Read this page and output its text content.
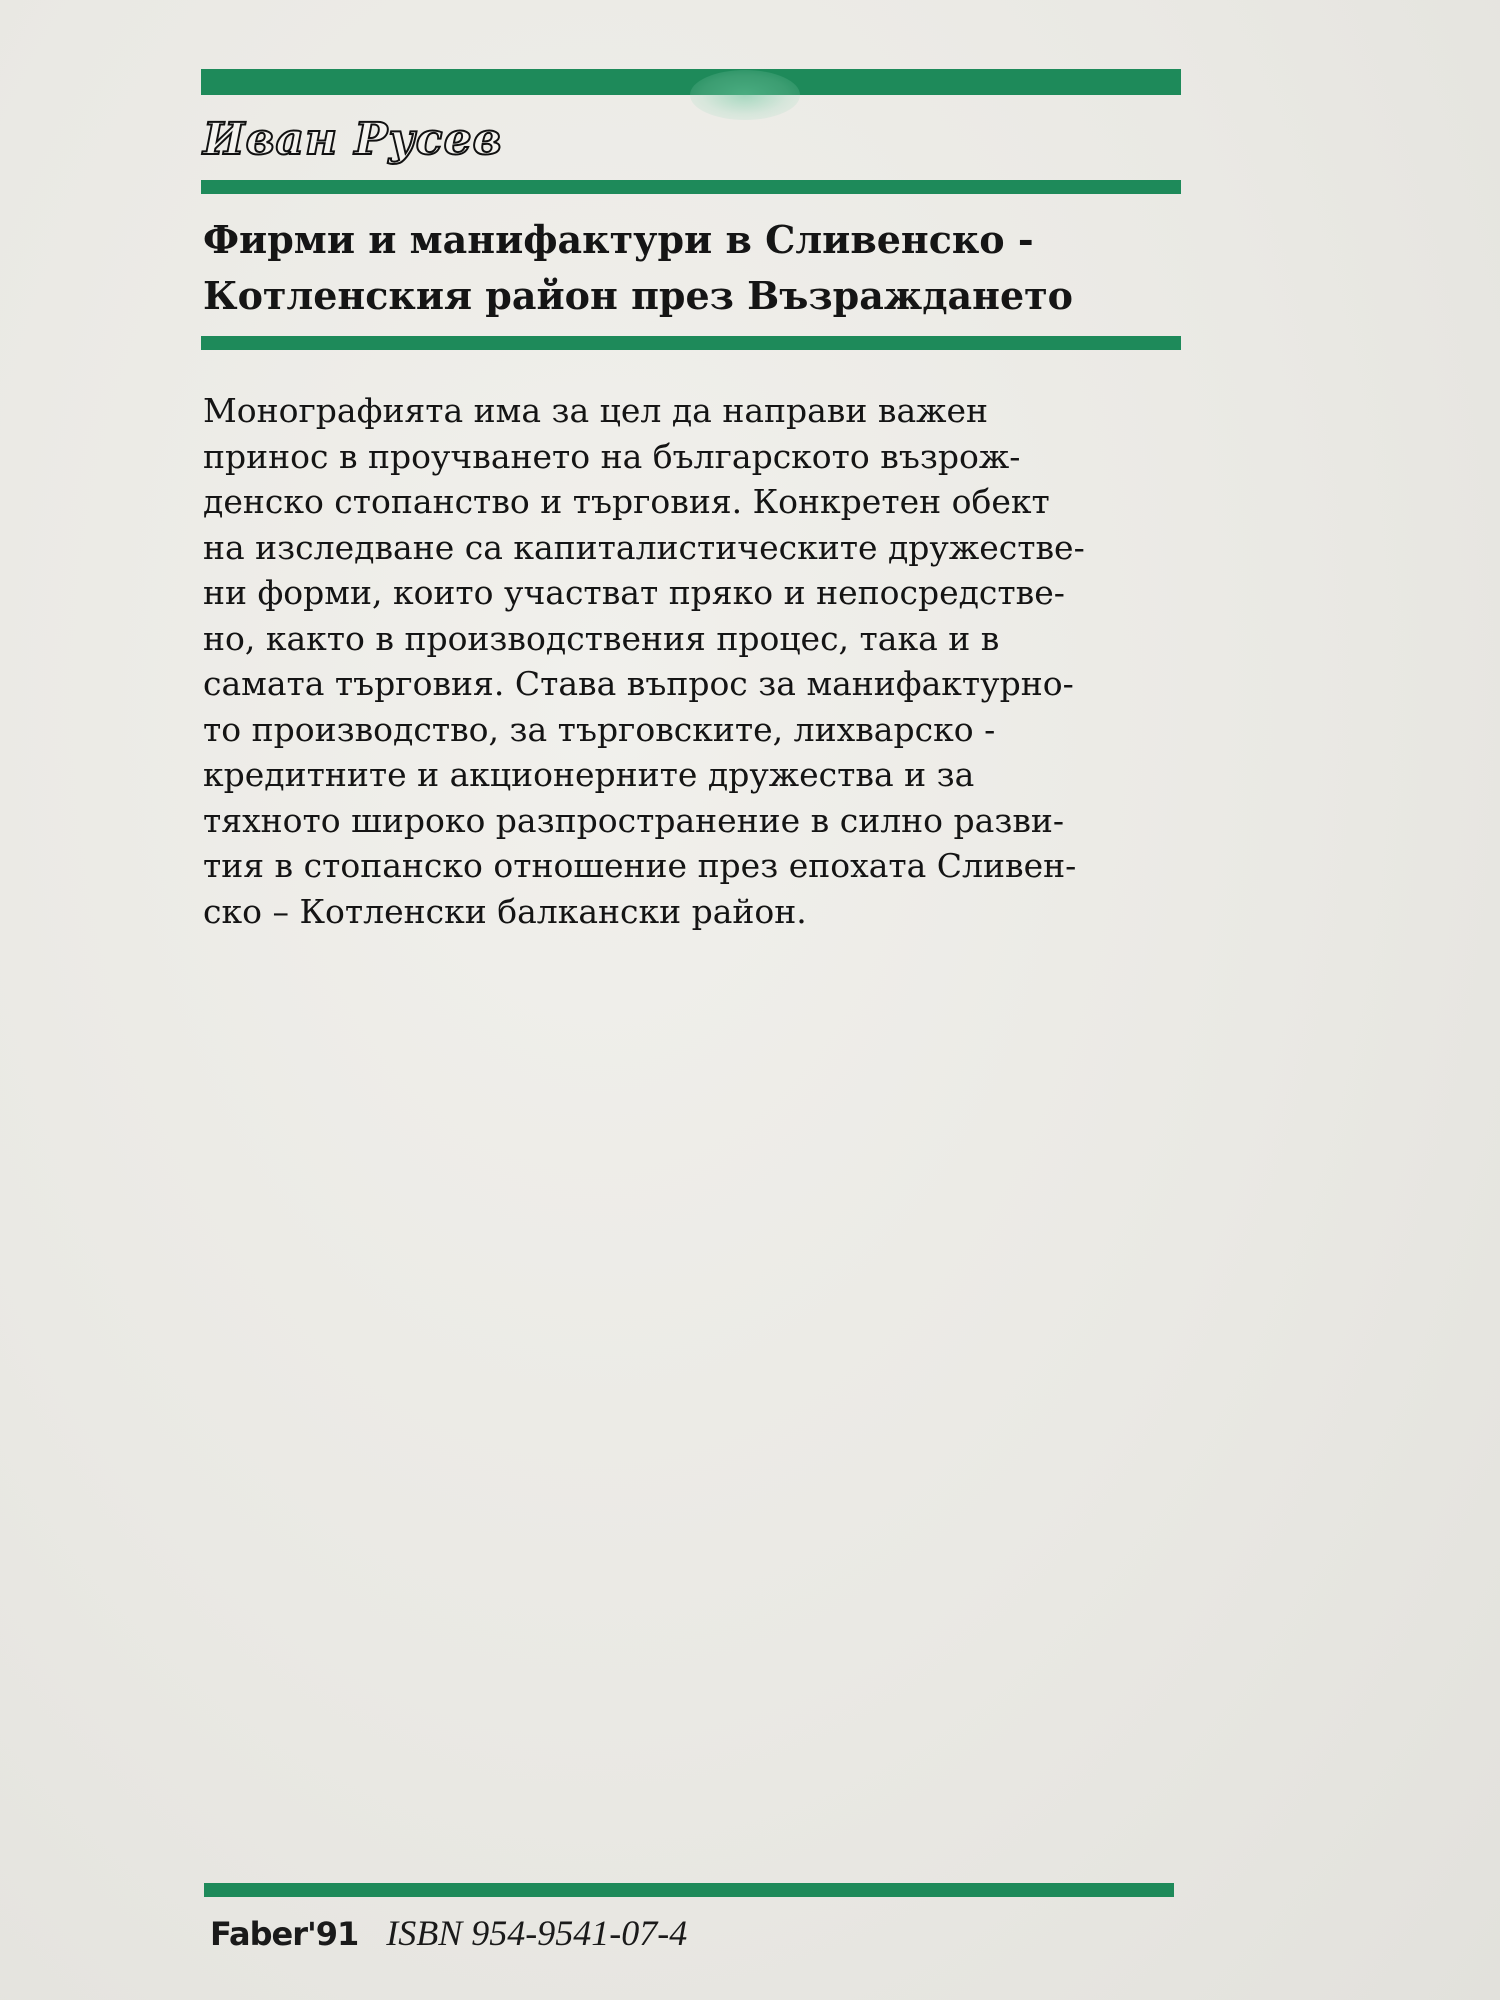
Иван Русев
Фирми и манифактури в Сливенско -
Котленския район през Възраждането
Монографията има за цел да направи важен
принос в проучването на българското възрож-
денско стопанство и търговия. Конкретен обект
на изследване са капиталистическите дружестве-
ни форми, които участват пряко и непосредстве-
но, както в производствения процес, така и в
самата търговия. Става въпрос за манифактурно-
то производство, за търговските, лихварско -
кредитните и акционерните дружества и за
тяхното широко разпространение в силно разви-
тия в стопанско отношение през епохата Сливен-
ско – Котленски балкански район.
Faber'91 ISBN 954-9541-07-4
